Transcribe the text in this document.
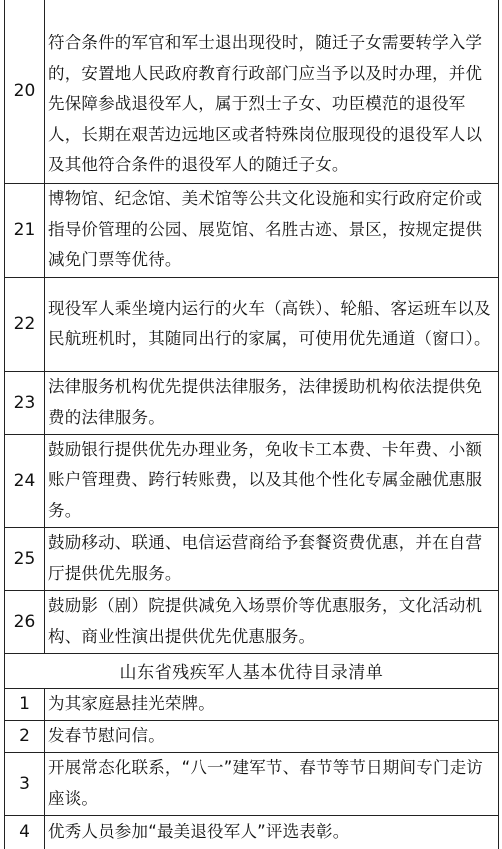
20	符合条件的军官和军士退出现役时，随迁子女需要转学入学的，安置地人民政府教育行政部门应当予以及时办理，并优先保障参战退役军人，属于烈士子女、功臣模范的退役军人，长期在艰苦边远地区或者特殊岗位服现役的退役军人以及其他符合条件的退役军人的随迁子女。
21	博物馆、纪念馆、美术馆等公共文化设施和实行政府定价或指导价管理的公园、展览馆、名胜古迹、景区，按规定提供减免门票等优待。
22	现役军人乘坐境内运行的火车（高铁）、轮船、客运班车以及民航班机时，其随同出行的家属，可使用优先通道（窗口）。
23	法律服务机构优先提供法律服务，法律援助机构依法提供免费的法律服务。
24	鼓励银行提供优先办理业务，免收卡工本费、卡年费、小额账户管理费、跨行转账费，以及其他个性化专属金融优惠服务。
25	鼓励移动、联通、电信运营商给予套餐资费优惠，并在自营厅提供优先服务。
26	鼓励影（剧）院提供减免入场票价等优惠服务，文化活动机构、商业性演出提供优先优惠服务。
山东省残疾军人基本优待目录清单	
1	为其家庭悬挂光荣牌。
2	发春节慰问信。
3	开展常态化联系，“八一”建军节、春节等节日期间专门走访座谈。
4	优秀人员参加“最美退役军人”评选表彰。
